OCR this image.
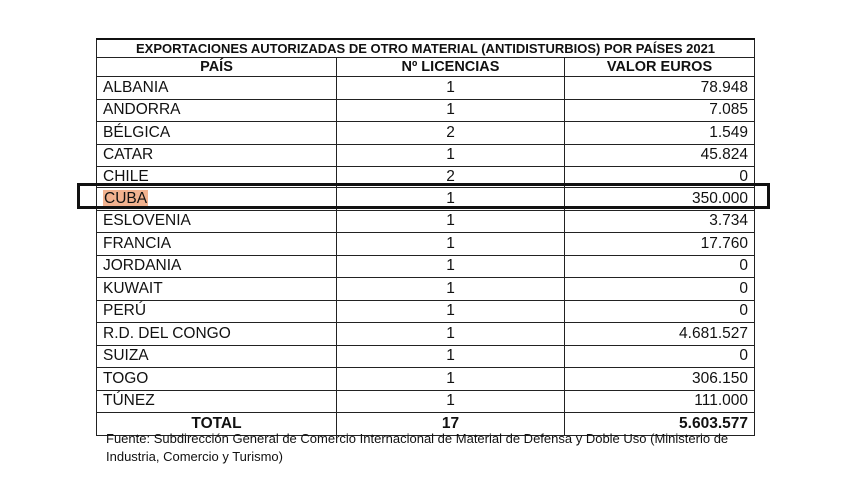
EXPORTACIONES AUTORIZADAS DE OTRO MATERIAL (ANTIDISTURBIOS) POR PAÍSES 2021		
PAÍS	Nº LICENCIAS	VALOR EUROS
ALBANIA	1	78.948
ANDORRA	1	7.085
BÉLGICA	2	1.549
CATAR	1	45.824
CHILE	2	0
CUBA	1	350.000
ESLOVENIA	1	3.734
FRANCIA	1	17.760
JORDANIA	1	0
KUWAIT	1	0
PERÚ	1	0
R.D. DEL CONGO	1	4.681.527
SUIZA	1	0
TOGO	1	306.150
TÚNEZ	1	111.000
TOTAL	17	5.603.577
Fuente: Subdirección General de Comercio Internacional de Material de Defensa y Doble Uso (Ministerio de Industria, Comercio y Turismo)
